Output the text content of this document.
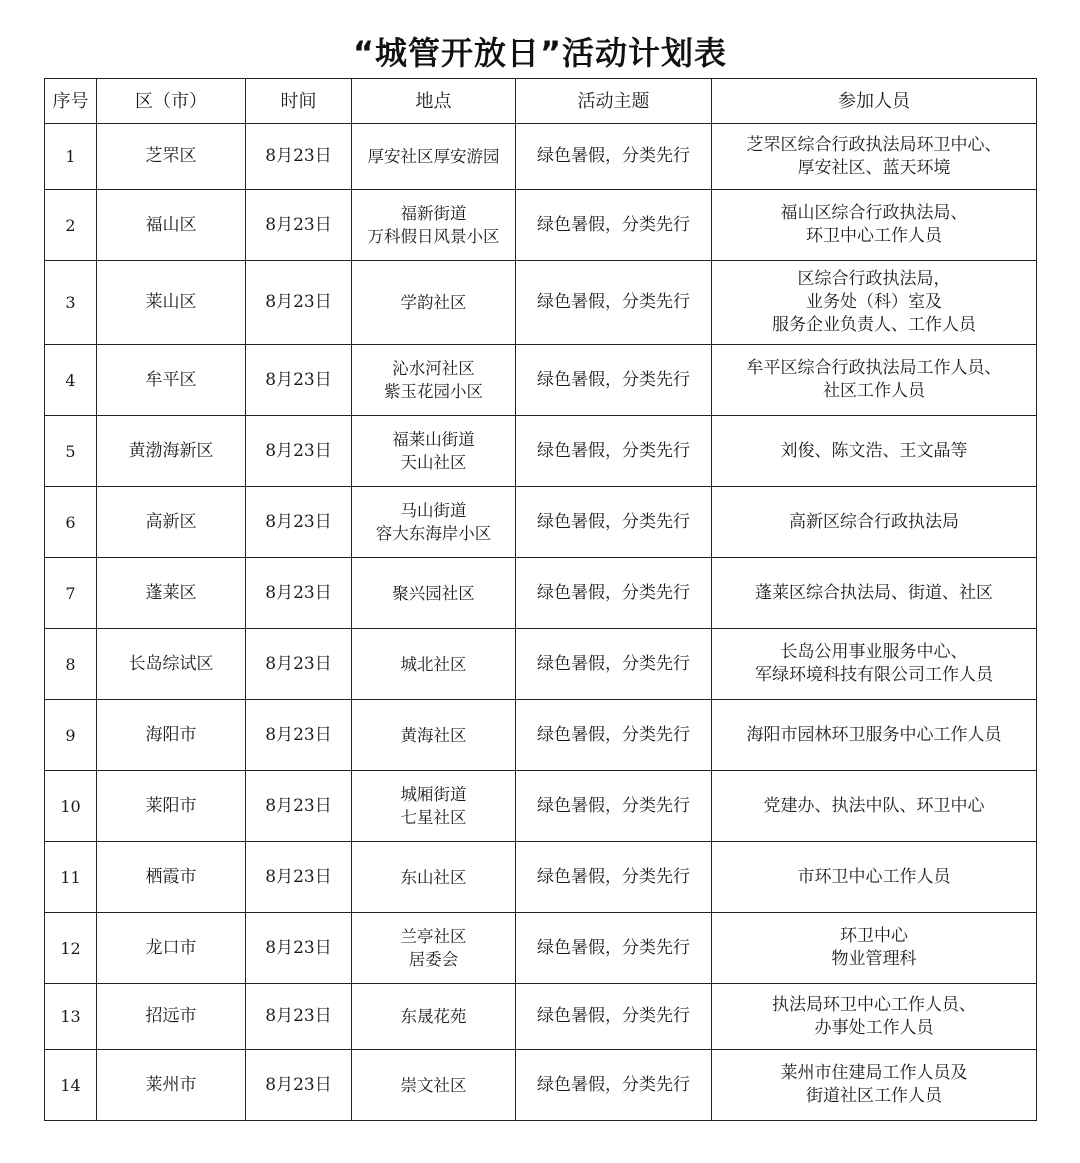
“城管开放日”活动计划表
序号	区（市）	时间	地点	活动主题	参加人员
1	芝罘区	8月23日	厚安社区厚安游园	绿色暑假，分类先行	芝罘区综合行政执法局环卫中心、
厚安社区、蓝天环境
2	福山区	8月23日	福新街道
万科假日风景小区	绿色暑假，分类先行	福山区综合行政执法局、
环卫中心工作人员
3	莱山区	8月23日	学韵社区	绿色暑假，分类先行	区综合行政执法局，
业务处（科）室及
服务企业负责人、工作人员
4	牟平区	8月23日	沁水河社区
紫玉花园小区	绿色暑假，分类先行	牟平区综合行政执法局工作人员、
社区工作人员
5	黄渤海新区	8月23日	福莱山街道
天山社区	绿色暑假，分类先行	刘俊、陈文浩、王文晶等
6	高新区	8月23日	马山街道
容大东海岸小区	绿色暑假，分类先行	高新区综合行政执法局
7	蓬莱区	8月23日	聚兴园社区	绿色暑假，分类先行	蓬莱区综合执法局、街道、社区
8	长岛综试区	8月23日	城北社区	绿色暑假，分类先行	长岛公用事业服务中心、
军绿环境科技有限公司工作人员
9	海阳市	8月23日	黄海社区	绿色暑假，分类先行	海阳市园林环卫服务中心工作人员
10	莱阳市	8月23日	城厢街道
七星社区	绿色暑假，分类先行	党建办、执法中队、环卫中心
11	栖霞市	8月23日	东山社区	绿色暑假，分类先行	市环卫中心工作人员
12	龙口市	8月23日	兰亭社区
居委会	绿色暑假，分类先行	环卫中心
物业管理科
13	招远市	8月23日	东晟花苑	绿色暑假，分类先行	执法局环卫中心工作人员、
办事处工作人员
14	莱州市	8月23日	崇文社区	绿色暑假，分类先行	莱州市住建局工作人员及
街道社区工作人员
